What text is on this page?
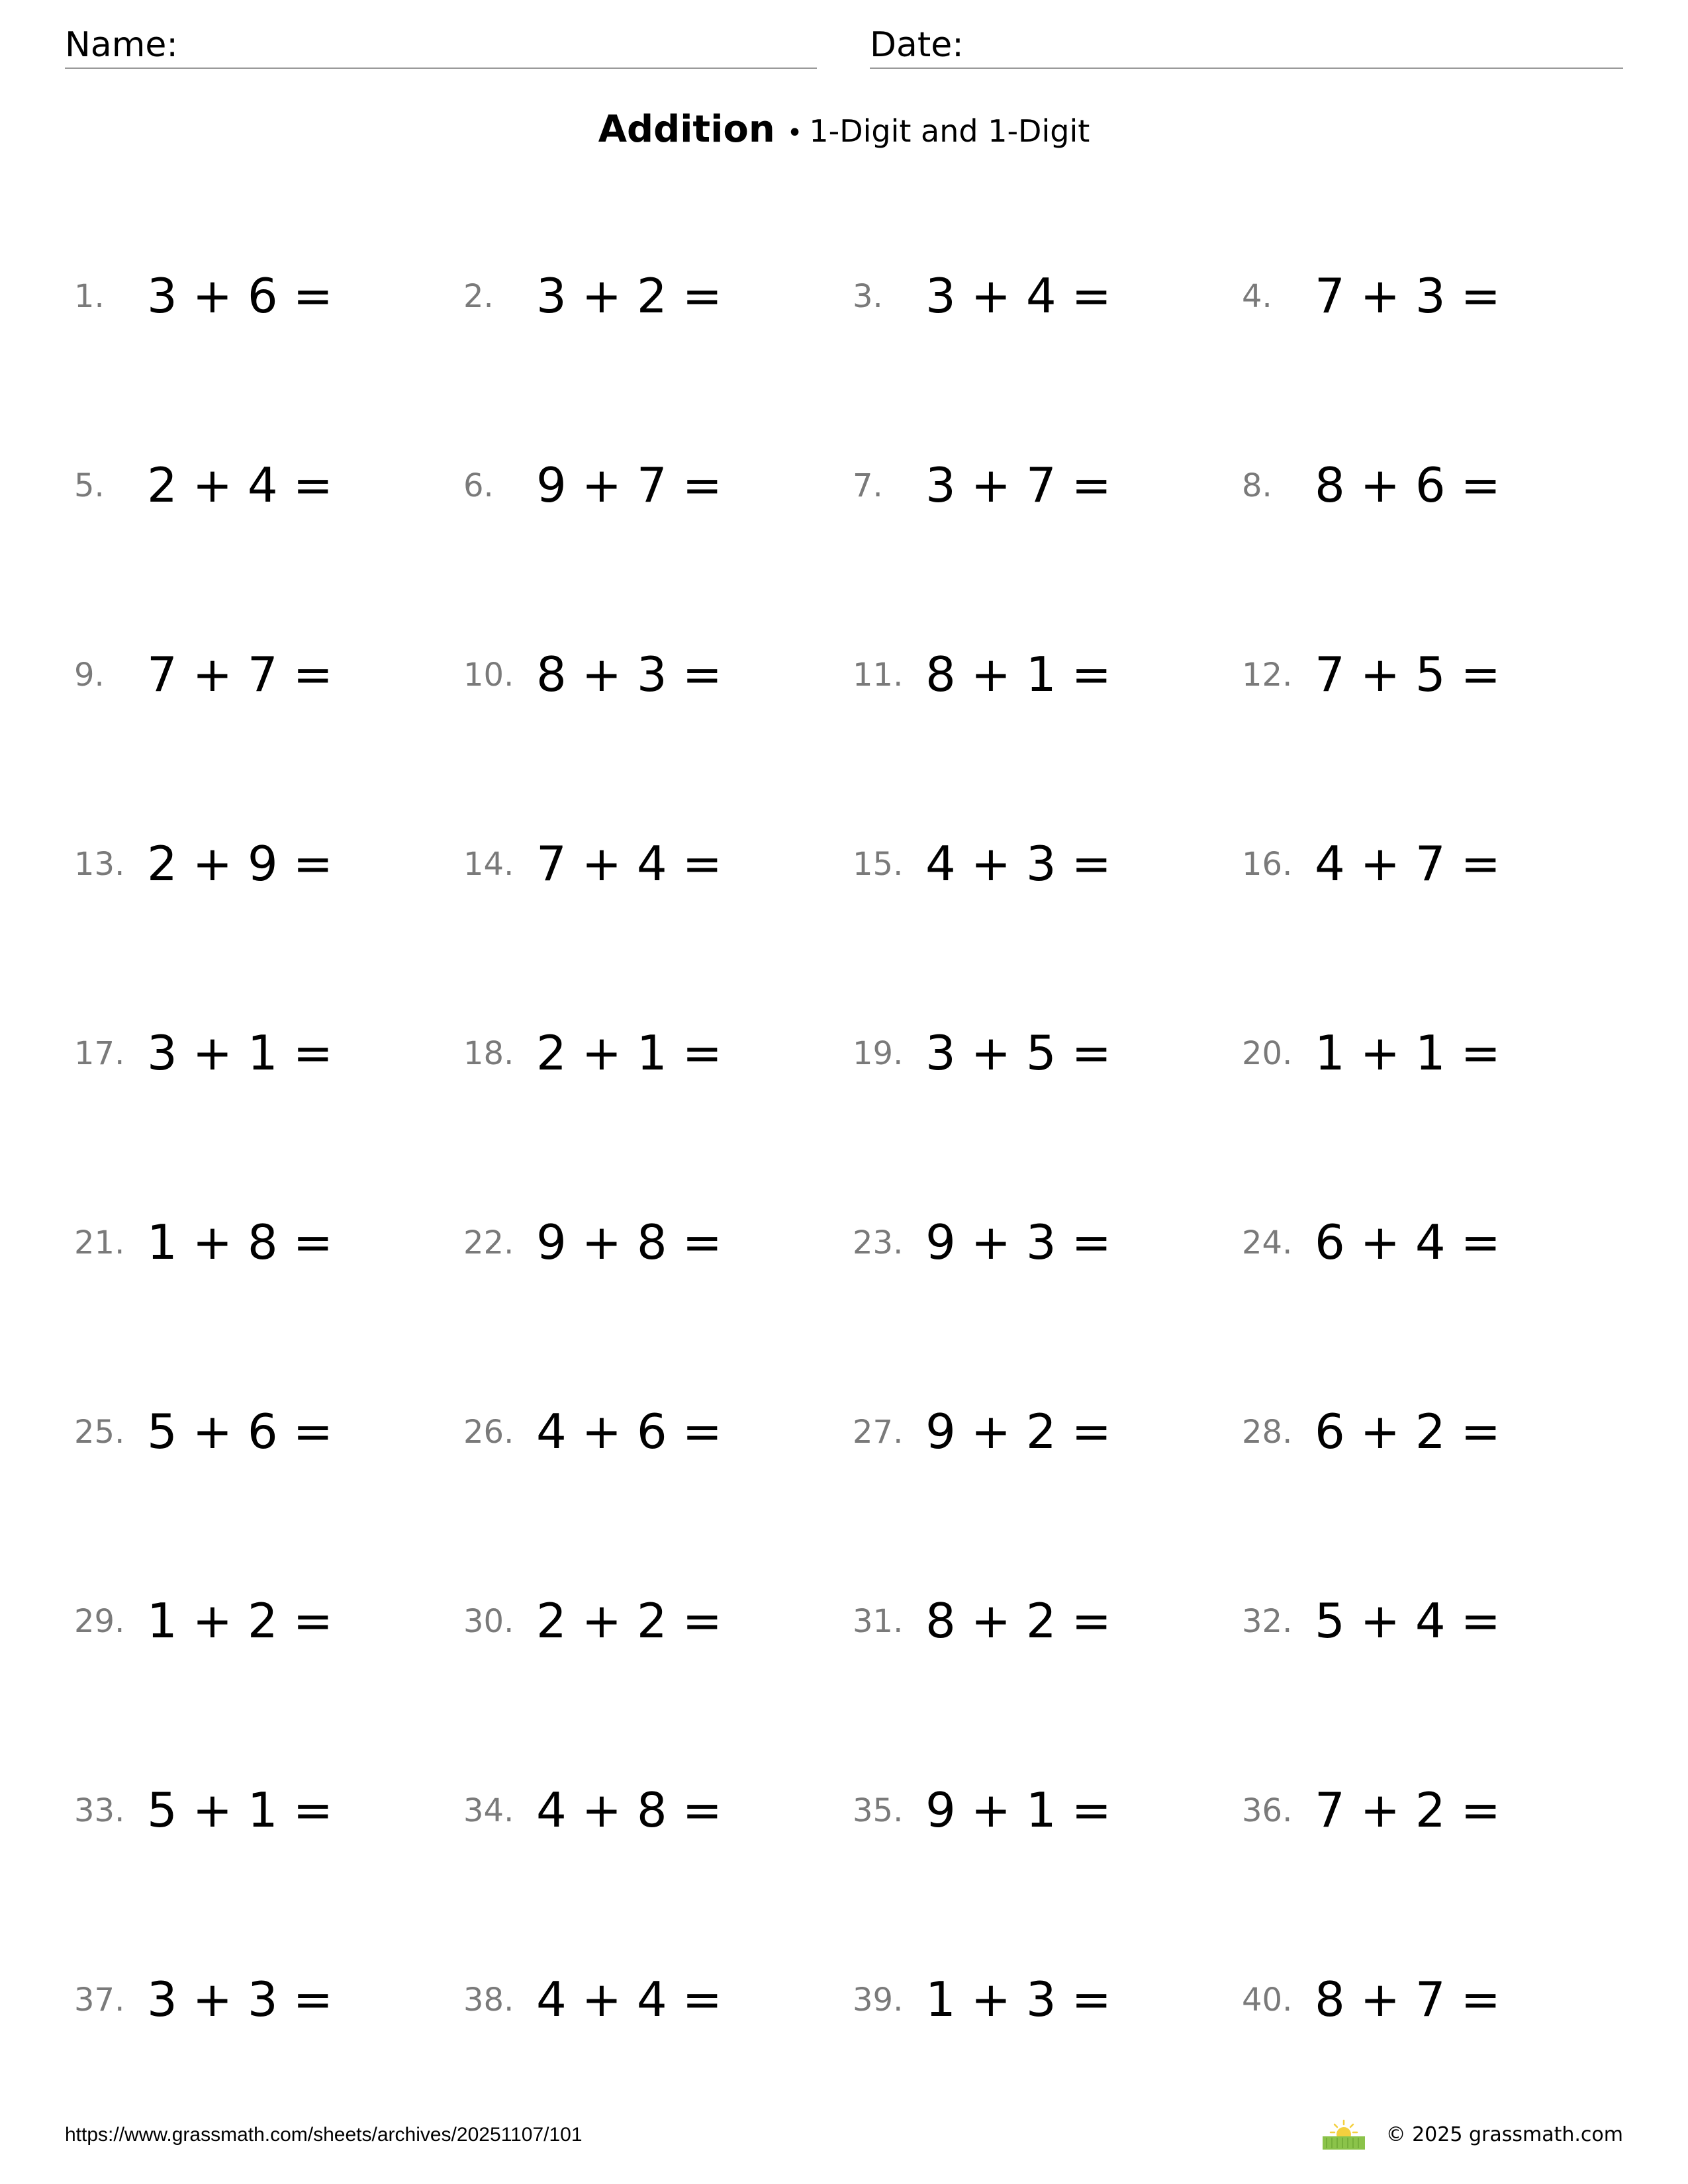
Name:	Date:
Addition • 1-Digit and 1-Digit
1. 3 + 6 =	2. 3 + 2 =	3. 3 + 4 =	4. 7 + 3 =
5. 2 + 4 =	6. 9 + 7 =	7. 3 + 7 =	8. 8 + 6 =
9. 7 + 7 =	10. 8 + 3 =	11. 8 + 1 =	12. 7 + 5 =
13. 2 + 9 =	14. 7 + 4 =	15. 4 + 3 =	16. 4 + 7 =
17. 3 + 1 =	18. 2 + 1 =	19. 3 + 5 =	20. 1 + 1 =
21. 1 + 8 =	22. 9 + 8 =	23. 9 + 3 =	24. 6 + 4 =
25. 5 + 6 =	26. 4 + 6 =	27. 9 + 2 =	28. 6 + 2 =
29. 1 + 2 =	30. 2 + 2 =	31. 8 + 2 =	32. 5 + 4 =
33. 5 + 1 =	34. 4 + 8 =	35. 9 + 1 =	36. 7 + 2 =
37. 3 + 3 =	38. 4 + 4 =	39. 1 + 3 =	40. 8 + 7 =
https://www.grassmath.com/sheets/archives/20251107/101	© 2025 grassmath.com
